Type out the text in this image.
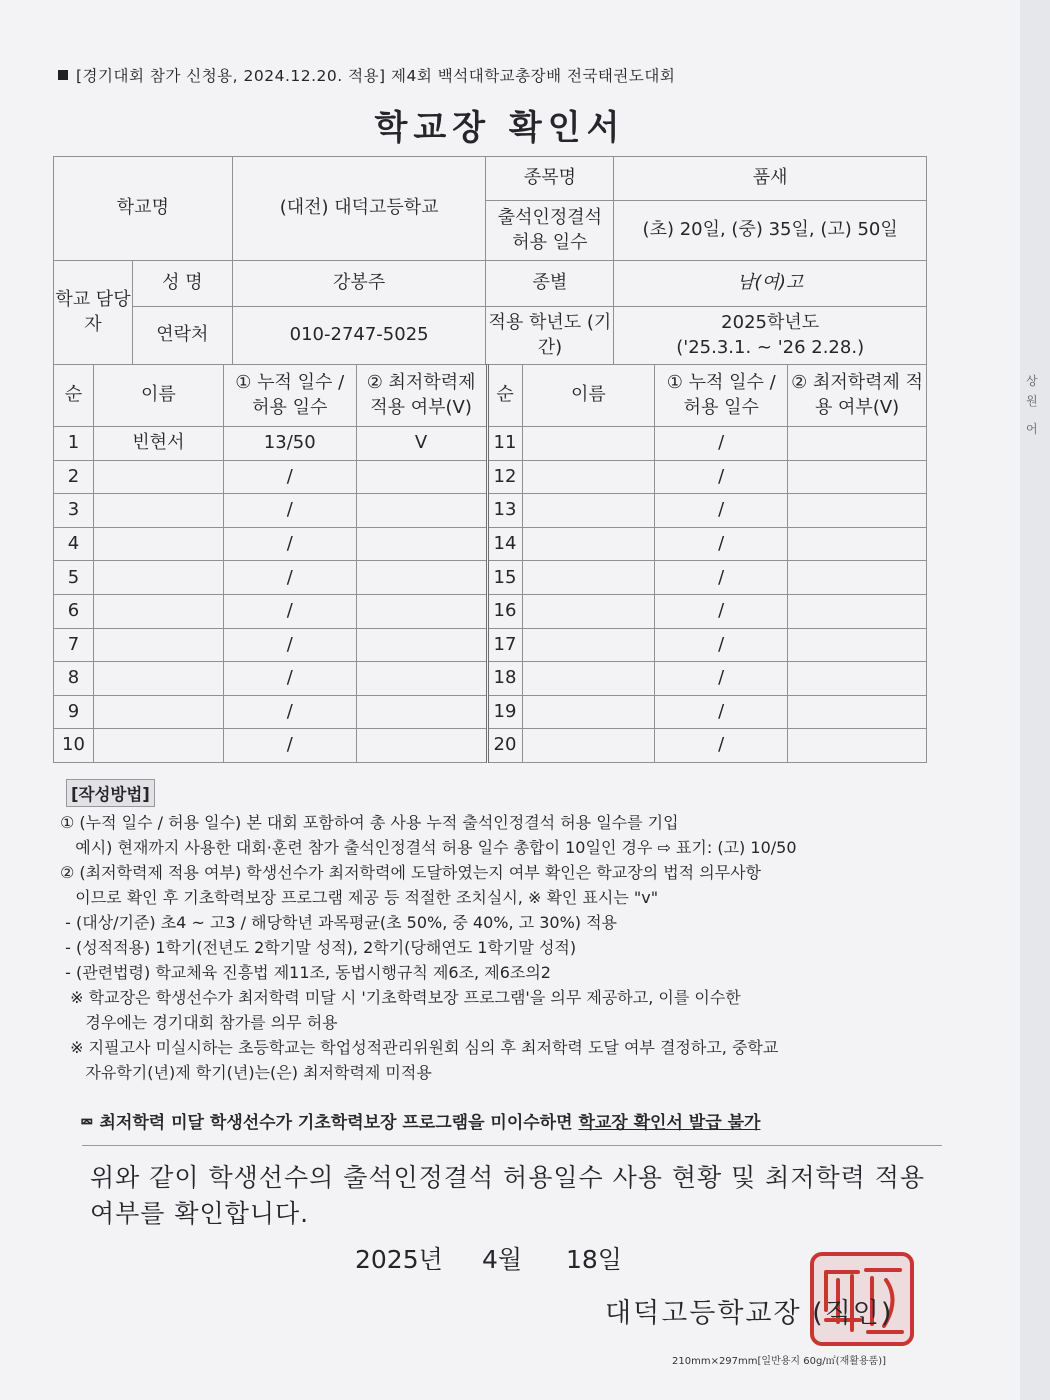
[경기대회 참가 신청용, 2024.12.20. 적용] 제4회 백석대학교총장배 전국태권도대회
학교장 확인서
학교명		(대전) 대덕고등학교	종목명	품새
			출석인정결석 허용 일수	(초) 20일, (중) 35일, (고) 50일
학교 담당자	성 명	강봉주	종별	남(여)고
	연락처	010-2747-5025	적용 학년도 (기간)	2025학년도
('25.3.1. ~ '26 2.28.)
순	이름	① 누적 일수 / 허용 일수	② 최저학력제 적용 여부(V)	순	이름	① 누적 일수 / 허용 일수	② 최저학력제 적용 여부(V)
1	빈현서	13/50	V	11		/	
2		/		12		/	
3		/		13		/	
4		/		14		/	
5		/		15		/	
6		/		16		/	
7		/		17		/	
8		/		18		/	
9		/		19		/	
10		/		20		/	
[작성방법]
① (누적 일수 / 허용 일수) 본 대회 포함하여 총 사용 누적 출석인정결석 허용 일수를 기입
예시) 현재까지 사용한 대회·훈련 참가 출석인정결석 허용 일수 총합이 10일인 경우 ⇨ 표기: (고) 10/50
② (최저학력제 적용 여부) 학생선수가 최저학력에 도달하였는지 여부 확인은 학교장의 법적 의무사항
이므로 확인 후 기초학력보장 프로그램 제공 등 적절한 조치실시, ※ 확인 표시는 "v"
- (대상/기준) 초4 ~ 고3 / 해당학년 과목평균(초 50%, 중 40%, 고 30%) 적용
- (성적적용) 1학기(전년도 2학기말 성적), 2학기(당해연도 1학기말 성적)
- (관련법령) 학교체육 진흥법 제11조, 동법시행규칙 제6조, 제6조의2
※ 학교장은 학생선수가 최저학력 미달 시 '기초학력보장 프로그램'을 의무 제공하고, 이를 이수한
경우에는 경기대회 참가를 의무 허용
※ 지필고사 미실시하는 초등학교는 학업성적관리위원회 심의 후 최저학력 도달 여부 결정하고, 중학교
자유학기(년)제 학기(년)는(은) 최저학력제 미적용
⮹ 최저학력 미달 학생선수가 기초학력보장 프로그램을 미이수하면 학교장 확인서 발급 불가
위와 같이 학생선수의 출석인정결석 허용일수 사용 현황 및 최저학력 적용 여부를 확인합니다.
2025년 4월 18일
대덕고등학교장 (직인)
210mm×297mm[일반용지 60g/㎡(재활용품)]
상
원
어
